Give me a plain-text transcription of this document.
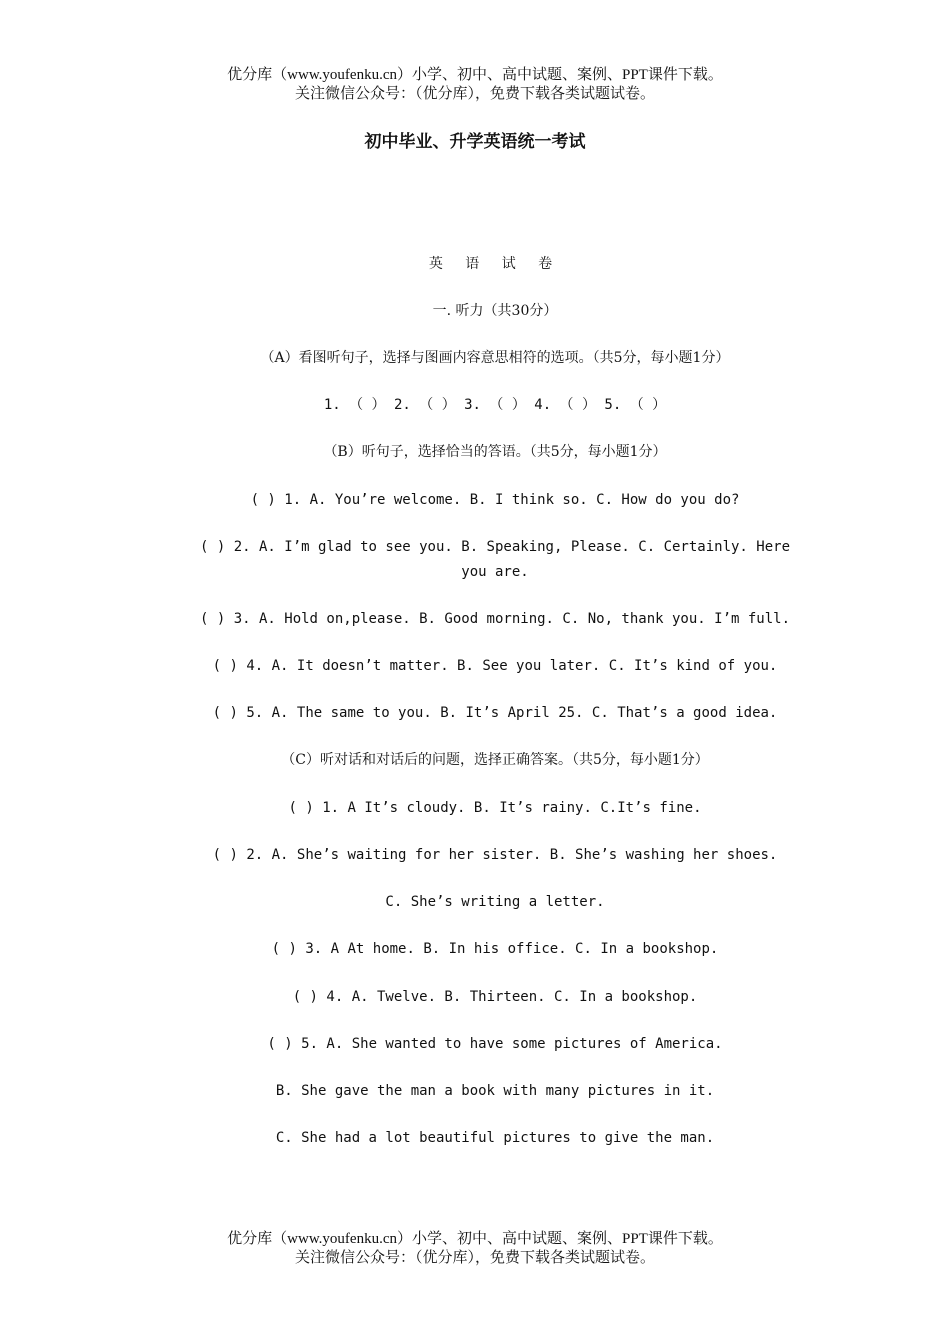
优分库（www.youfenku.cn）小学、初中、高中试题、案例、PPT课件下载。
关注微信公众号：（优分库），免费下载各类试题试卷。
初中毕业、升学英语统一考试
英 语 试 卷
一. 听力（共30分）
（A）看图听句子，选择与图画内容意思相符的选项。（共5分，每小题1分）
1. （ ） 2. （ ） 3. （ ） 4. （ ） 5. （ ）
（B）听句子，选择恰当的答语。（共5分，每小题1分）
( ) 1. A. You’re welcome. B. I think so. C. How do you do?
( ) 2. A. I’m glad to see you. B. Speaking, Please. C. Certainly. Here you are.
( ) 3. A. Hold on,please. B. Good morning. C. No, thank you. I’m full.
( ) 4. A. It doesn’t matter. B. See you later. C. It’s kind of you.
( ) 5. A. The same to you. B. It’s April 25. C. That’s a good idea.
（C）听对话和对话后的问题，选择正确答案。（共5分，每小题1分）
( ) 1. A It’s cloudy. B. It’s rainy. C.It’s fine.
( ) 2. A. She’s waiting for her sister. B. She’s washing her shoes.
C. She’s writing a letter.
( ) 3. A At home. B. In his office. C. In a bookshop.
( ) 4. A. Twelve. B. Thirteen. C. In a bookshop.
( ) 5. A. She wanted to have some pictures of America.
B. She gave the man a book with many pictures in it.
C. She had a lot beautiful pictures to give the man.
优分库（www.youfenku.cn）小学、初中、高中试题、案例、PPT课件下载。
关注微信公众号：（优分库），免费下载各类试题试卷。
